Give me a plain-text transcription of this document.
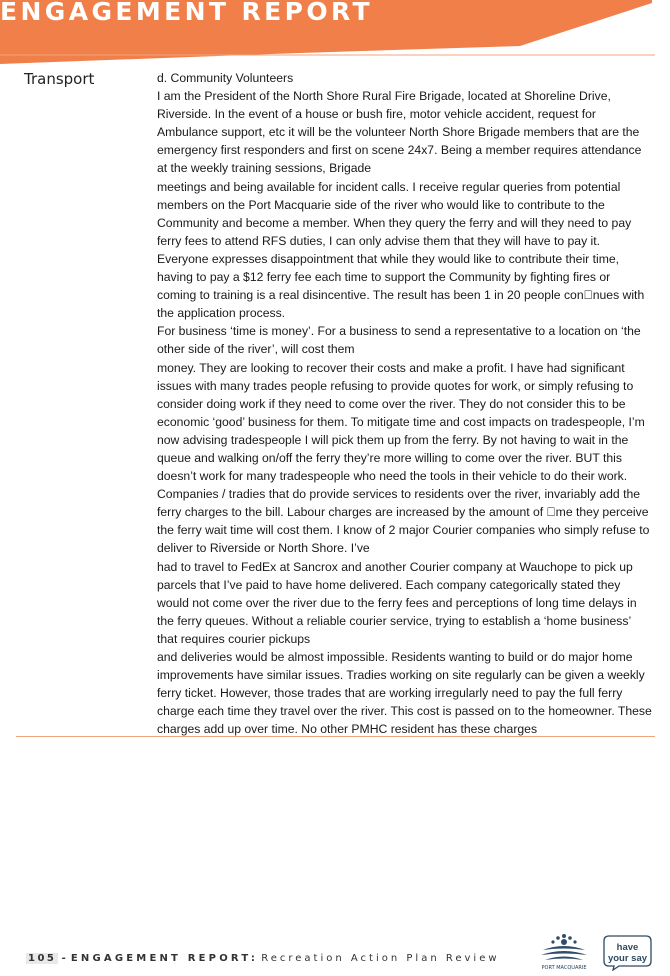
ENGAGEMENT REPORT
Transport	d. Community Volunteers

I am the President of the North Shore Rural Fire Brigade, located at Shoreline Drive, Riverside. In the event of a house or bush fire, motor vehicle accident, request for Ambulance support, etc it will be the volunteer North Shore Brigade members that are the emergency first responders and first on scene 24x7. Being a member requires attendance at the weekly training sessions, Brigade

meetings and being available for incident calls. I receive regular queries from potential members on the Port Macquarie side of the river who would like to contribute to the Community and become a member. When they query the ferry and will they need to pay ferry fees to attend RFS duties, I can only advise them that they will have to pay it. Everyone expresses disappointment that while they would like to contribute their time, having to pay a $12 ferry fee each time to support the Community by fighting fires or coming to training is a real disincentive. The result has been 1 in 20 people con nues with the application process.

For business ‘time is money’. For a business to send a representative to a location on ‘the other side of the river’, will cost them

money. They are looking to recover their costs and make a profit. I have had significant issues with many trades people refusing to provide quotes for work, or simply refusing to consider doing work if they need to come over the river. They do not consider this to be economic ‘good’ business for them. To mitigate time and cost impacts on tradespeople, I’m now advising tradespeople I will pick them up from the ferry. By not having to wait in the queue and walking on/off the ferry they’re more willing to come over the river. BUT this doesn’t work for many tradespeople who need the tools in their vehicle to do their work. Companies / tradies that do provide services to residents over the river, invariably add the ferry charges to the bill. Labour charges are increased by the amount of  me they perceive the ferry wait time will cost them. I know of 2 major Courier companies who simply refuse to deliver to Riverside or North Shore. I’ve

had to travel to FedEx at Sancrox and another Courier company at Wauchope to pick up parcels that I’ve paid to have home delivered. Each company categorically stated they would not come over the river due to the ferry fees and perceptions of long time delays in the ferry queues. Without a reliable courier service, trying to establish a ‘home business’ that requires courier pickups

and deliveries would be almost impossible. Residents wanting to build or do major home improvements have similar issues. Tradies working on site regularly can be given a weekly ferry ticket. However, those trades that are working irregularly need to pay the full ferry charge each time they travel over the river. This cost is passed on to the homeowner. These charges add up over time. No other PMHC resident has these charges

105 - ENGAGEMENT REPORT: Recreation Action Plan Review
PORT MACQUARIE
have
your say
